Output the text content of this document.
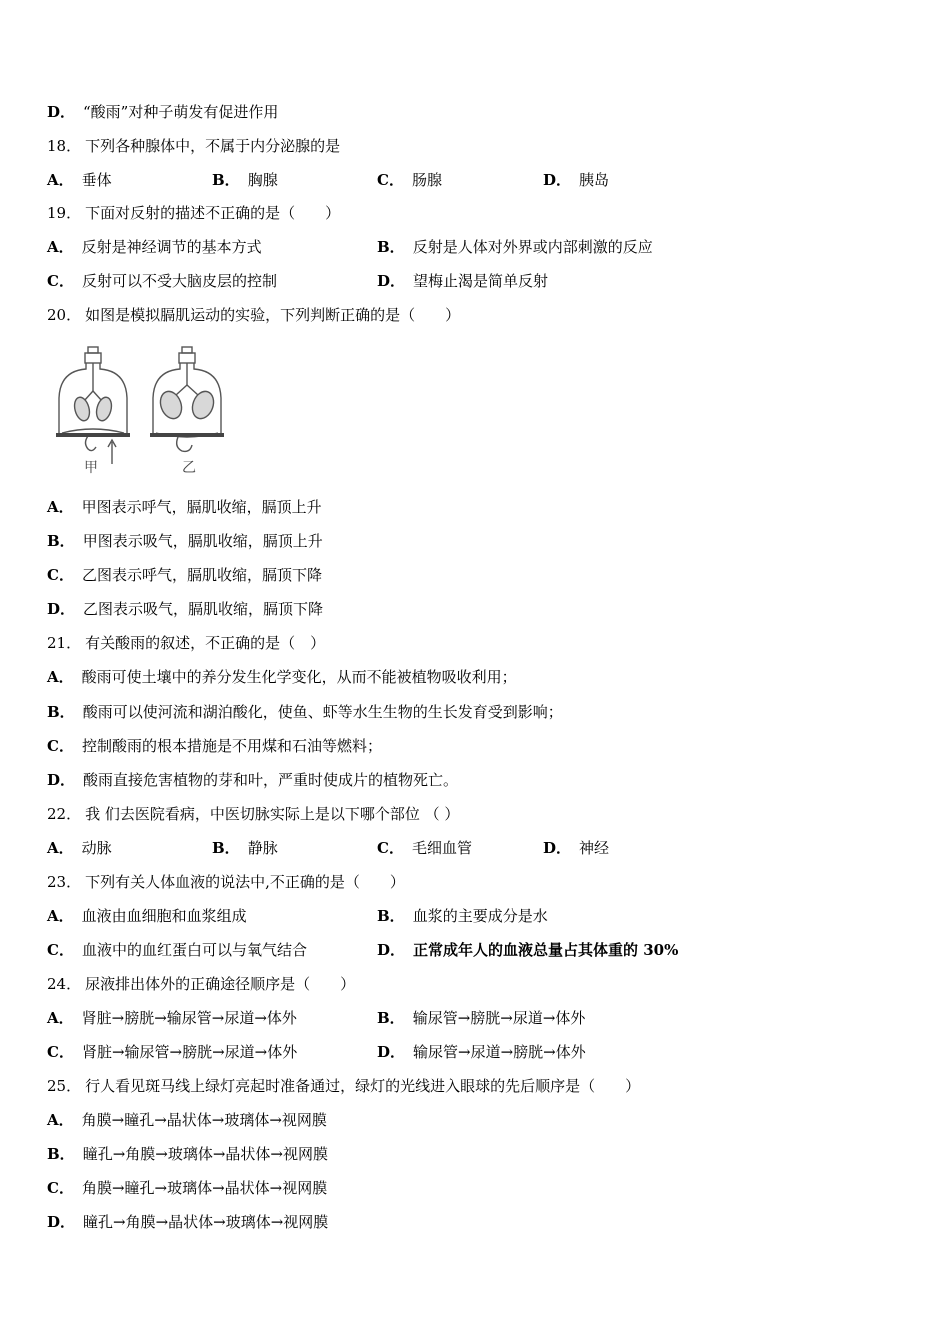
D． “酸雨”对种子萌发有促进作用
18． 下列各种腺体中，不属于内分泌腺的是
A． 垂体	B． 胸腺	C． 肠腺	D． 胰岛
19． 下面对反射的描述不正确的是（　　）
A． 反射是神经调节的基本方式	B． 反射是人体对外界或内部刺激的反应
C． 反射可以不受大脑皮层的控制	D． 望梅止渴是简单反射
20． 如图是模拟膈肌运动的实验，下列判断正确的是（　　）
甲	乙
A． 甲图表示呼气，膈肌收缩，膈顶上升
B． 甲图表示吸气，膈肌收缩，膈顶上升
C． 乙图表示呼气，膈肌收缩，膈顶下降
D． 乙图表示吸气，膈肌收缩，膈顶下降
21． 有关酸雨的叙述，不正确的是（　）
A． 酸雨可使土壤中的养分发生化学变化，从而不能被植物吸收利用；
B． 酸雨可以使河流和湖泊酸化，使鱼、虾等水生生物的生长发育受到影响；
C． 控制酸雨的根本措施是不用煤和石油等燃料；
D． 酸雨直接危害植物的芽和叶，严重时使成片的植物死亡。
22． 我 们去医院看病，中医切脉实际上是以下哪个部位 （ ）
A． 动脉	B． 静脉	C． 毛细血管	D． 神经
23． 下列有关人体血液的说法中,不正确的是（　　）
A． 血液由血细胞和血浆组成	B． 血浆的主要成分是水
C． 血液中的血红蛋白可以与氧气结合	D． 正常成年人的血液总量占其体重的 30%
24． 尿液排出体外的正确途径顺序是（　　）
A． 肾脏→膀胱→输尿管→尿道→体外	B． 输尿管→膀胱→尿道→体外
C． 肾脏→输尿管→膀胱→尿道→体外	D． 输尿管→尿道→膀胱→体外
25． 行人看见斑马线上绿灯亮起时准备通过，绿灯的光线进入眼球的先后顺序是（　　）
A． 角膜→瞳孔→晶状体→玻璃体→视网膜
B． 瞳孔→角膜→玻璃体→晶状体→视网膜
C． 角膜→瞳孔→玻璃体→晶状体→视网膜
D． 瞳孔→角膜→晶状体→玻璃体→视网膜
